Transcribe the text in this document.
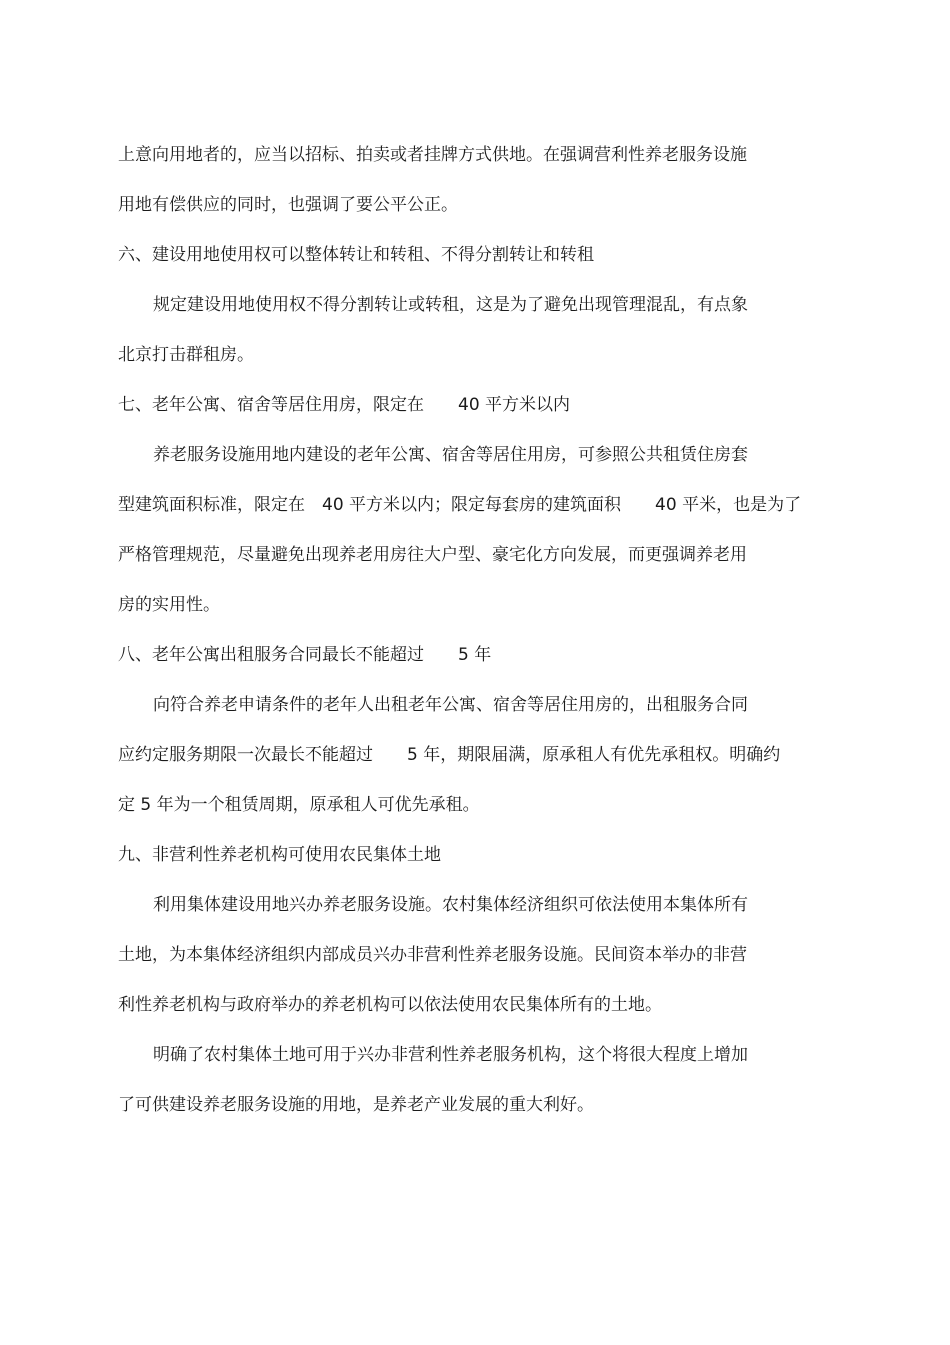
上意向用地者的，应当以招标、拍卖或者挂牌方式供地。在强调营利性养老服务设施
用地有偿供应的同时，也强调了要公平公正。
六、建设用地使用权可以整体转让和转租、不得分割转让和转租
规定建设用地使用权不得分割转让或转租，这是为了避免出现管理混乱，有点象
北京打击群租房。
七、老年公寓、宿舍等居住用房，限定在　　40 平方米以内
养老服务设施用地内建设的老年公寓、宿舍等居住用房，可参照公共租赁住房套
型建筑面积标准，限定在　40 平方米以内；限定每套房的建筑面积　　40 平米，也是为了
严格管理规范，尽量避免出现养老用房往大户型、豪宅化方向发展，而更强调养老用
房的实用性。
八、老年公寓出租服务合同最长不能超过　　5 年
向符合养老申请条件的老年人出租老年公寓、宿舍等居住用房的，出租服务合同
应约定服务期限一次最长不能超过　　5 年，期限届满，原承租人有优先承租权。明确约
定 5 年为一个租赁周期，原承租人可优先承租。
九、非营利性养老机构可使用农民集体土地
利用集体建设用地兴办养老服务设施。农村集体经济组织可依法使用本集体所有
土地，为本集体经济组织内部成员兴办非营利性养老服务设施。民间资本举办的非营
利性养老机构与政府举办的养老机构可以依法使用农民集体所有的土地。
明确了农村集体土地可用于兴办非营利性养老服务机构，这个将很大程度上增加
了可供建设养老服务设施的用地，是养老产业发展的重大利好。
